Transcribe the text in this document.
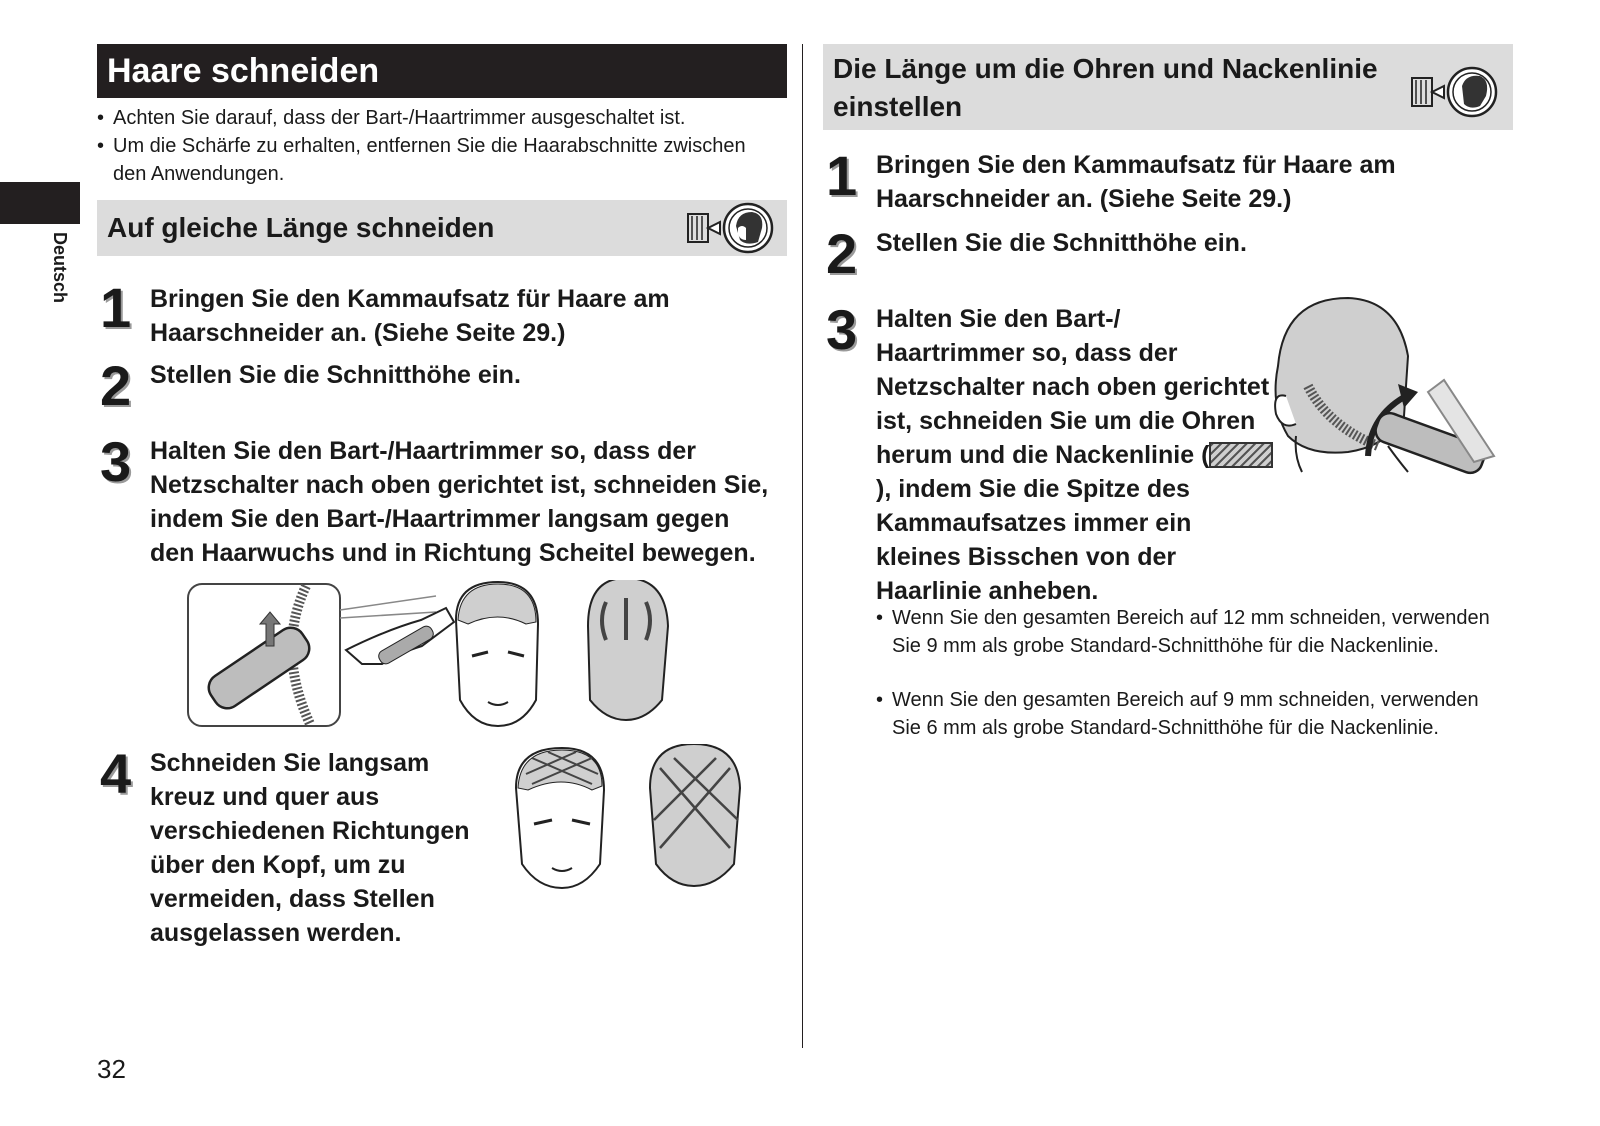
Deutsch
Haare schneiden
• Achten Sie darauf, dass der Bart-/Haartrimmer ausgeschaltet ist.
• Um die Schärfe zu erhalten, entfernen Sie die Haarabschnitte zwischen den Anwendungen.
Auf gleiche Länge schneiden
1 Bringen Sie den Kammaufsatz für Haare am Haarschneider an. (Siehe Seite 29.)
2 Stellen Sie die Schnitthöhe ein.
3 Halten Sie den Bart-/Haartrimmer so, dass der Netzschalter nach oben gerichtet ist, schneiden Sie, indem Sie den Bart-/Haartrimmer langsam gegen den Haarwuchs und in Richtung Scheitel bewegen.
4 Schneiden Sie langsam kreuz und quer aus verschiedenen Richtungen über den Kopf, um zu vermeiden, dass Stellen ausgelassen werden.
Die Länge um die Ohren und Nackenlinie
einstellen
1 Bringen Sie den Kammaufsatz für Haare am Haarschneider an. (Siehe Seite 29.)
2 Stellen Sie die Schnitthöhe ein.
3 Halten Sie den Bart-/ Haartrimmer so, dass der Netzschalter nach oben gerichtet ist, schneiden Sie um die Ohren herum und die Nackenlinie (), indem Sie die Spitze des Kammaufsatzes immer ein kleines Bisschen von der Haarlinie anheben.
• Wenn Sie den gesamten Bereich auf 12 mm schneiden, verwenden Sie 9 mm als grobe Standard-Schnitthöhe für die Nackenlinie.
• Wenn Sie den gesamten Bereich auf 9 mm schneiden, verwenden Sie 6 mm als grobe Standard-Schnitthöhe für die Nackenlinie.
32
